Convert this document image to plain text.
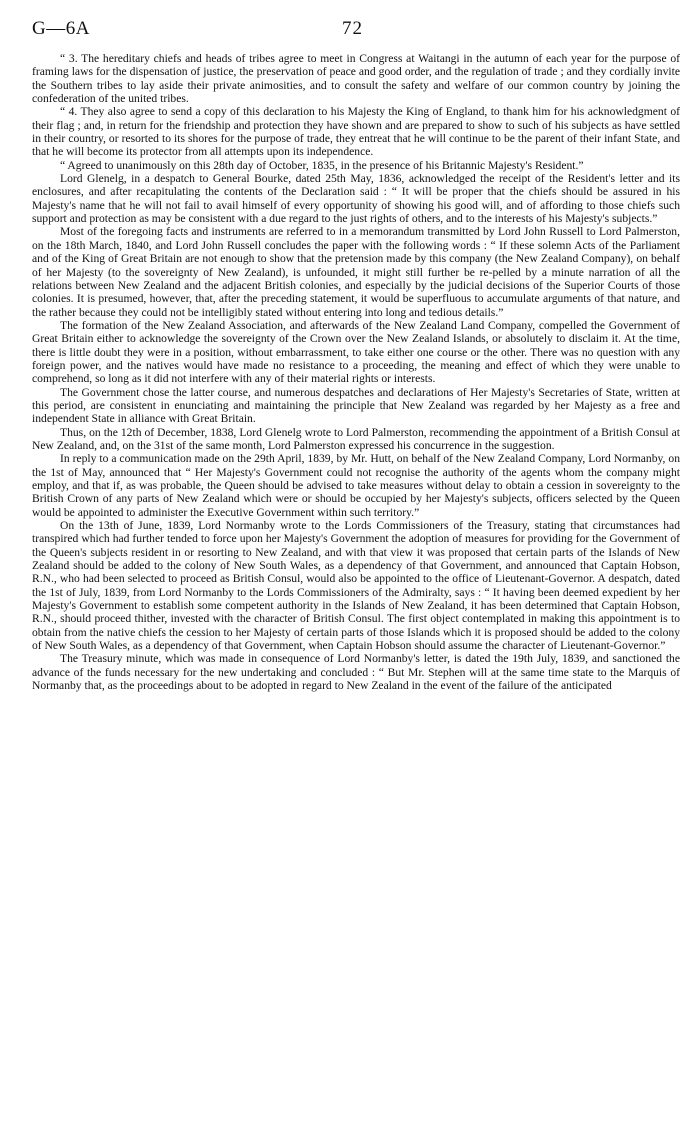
G—6A	72

“ 3. The hereditary chiefs and heads of tribes agree to meet in Congress at Waitangi in the autumn of each year for the purpose of framing laws for the dispensation of justice, the preservation of peace and good order, and the regulation of trade ; and they cordially invite the Southern tribes to lay aside their private animosities, and to consult the safety and welfare of our common country by joining the confederation of the united tribes.

“ 4. They also agree to send a copy of this declaration to his Majesty the King of England, to thank him for his acknowledgment of their flag ; and, in return for the friendship and protection they have shown and are prepared to show to such of his subjects as have settled in their country, or resorted to its shores for the purpose of trade, they entreat that he will continue to be the parent of their infant State, and that he will become its protector from all attempts upon its independence.

“ Agreed to unanimously on this 28th day of October, 1835, in the presence of his Britannic Majesty's Resident.”

Lord Glenelg, in a despatch to General Bourke, dated 25th May, 1836, acknowledged the receipt of the Resident's letter and its enclosures, and after recapitulating the contents of the Declaration said : “ It will be proper that the chiefs should be assured in his Majesty's name that he will not fail to avail himself of every opportunity of showing his good will, and of affording to those chiefs such support and protection as may be consistent with a due regard to the just rights of others, and to the interests of his Majesty's subjects.”

Most of the foregoing facts and instruments are referred to in a memorandum transmitted by Lord John Russell to Lord Palmerston, on the 18th March, 1840, and Lord John Russell concludes the paper with the following words : “ If these solemn Acts of the Parliament and of the King of Great Britain are not enough to show that the pretension made by this company (the New Zealand Company), on behalf of her Majesty (to the sovereignty of New Zealand), is unfounded, it might still further be re-pelled by a minute narration of all the relations between New Zealand and the adjacent British colonies, and especially by the judicial decisions of the Superior Courts of those colonies. It is presumed, however, that, after the preceding statement, it would be superfluous to accumulate arguments of that nature, and the rather because they could not be intelligibly stated without entering into long and tedious details.”

The formation of the New Zealand Association, and afterwards of the New Zealand Land Company, compelled the Government of Great Britain either to acknowledge the sovereignty of the Crown over the New Zealand Islands, or absolutely to disclaim it. At the time, there is little doubt they were in a position, without embarrassment, to take either one course or the other. There was no question with any foreign power, and the natives would have made no resistance to a proceeding, the meaning and effect of which they were unable to comprehend, so long as it did not interfere with any of their material rights or interests.

The Government chose the latter course, and numerous despatches and declarations of Her Majesty's Secretaries of State, written at this period, are consistent in enunciating and maintaining the principle that New Zealand was regarded by her Majesty as a free and independent State in alliance with Great Britain.

Thus, on the 12th of December, 1838, Lord Glenelg wrote to Lord Palmerston, recommending the appointment of a British Consul at New Zealand, and, on the 31st of the same month, Lord Palmerston expressed his concurrence in the suggestion.

In reply to a communication made on the 29th April, 1839, by Mr. Hutt, on behalf of the New Zealand Company, Lord Normanby, on the 1st of May, announced that “ Her Majesty's Government could not recognise the authority of the agents whom the company might employ, and that if, as was probable, the Queen should be advised to take measures without delay to obtain a cession in sovereignty to the British Crown of any parts of New Zealand which were or should be occupied by her Majesty's subjects, officers selected by the Queen would be appointed to administer the Executive Government within such territory.”

On the 13th of June, 1839, Lord Normanby wrote to the Lords Commissioners of the Treasury, stating that circumstances had transpired which had further tended to force upon her Majesty's Government the adoption of measures for providing for the Government of the Queen's subjects resident in or resorting to New Zealand, and with that view it was proposed that certain parts of the Islands of New Zealand should be added to the colony of New South Wales, as a dependency of that Government, and announced that Captain Hobson, R.N., who had been selected to proceed as British Consul, would also be appointed to the office of Lieutenant-Governor. A despatch, dated the 1st of July, 1839, from Lord Normanby to the Lords Commissioners of the Admiralty, says : “ It having been deemed expedient by her Majesty's Government to establish some competent authority in the Islands of New Zealand, it has been determined that Captain Hobson, R.N., should proceed thither, invested with the character of British Consul. The first object contemplated in making this appointment is to obtain from the native chiefs the cession to her Majesty of certain parts of those Islands which it is proposed should be added to the colony of New South Wales, as a dependency of that Government, when Captain Hobson should assume the character of Lieutenant-Governor.”

The Treasury minute, which was made in consequence of Lord Normanby's letter, is dated the 19th July, 1839, and sanctioned the advance of the funds necessary for the new undertaking and concluded : “ But Mr. Stephen will at the same time state to the Marquis of Normanby that, as the proceedings about to be adopted in regard to New Zealand in the event of the failure of the anticipated
